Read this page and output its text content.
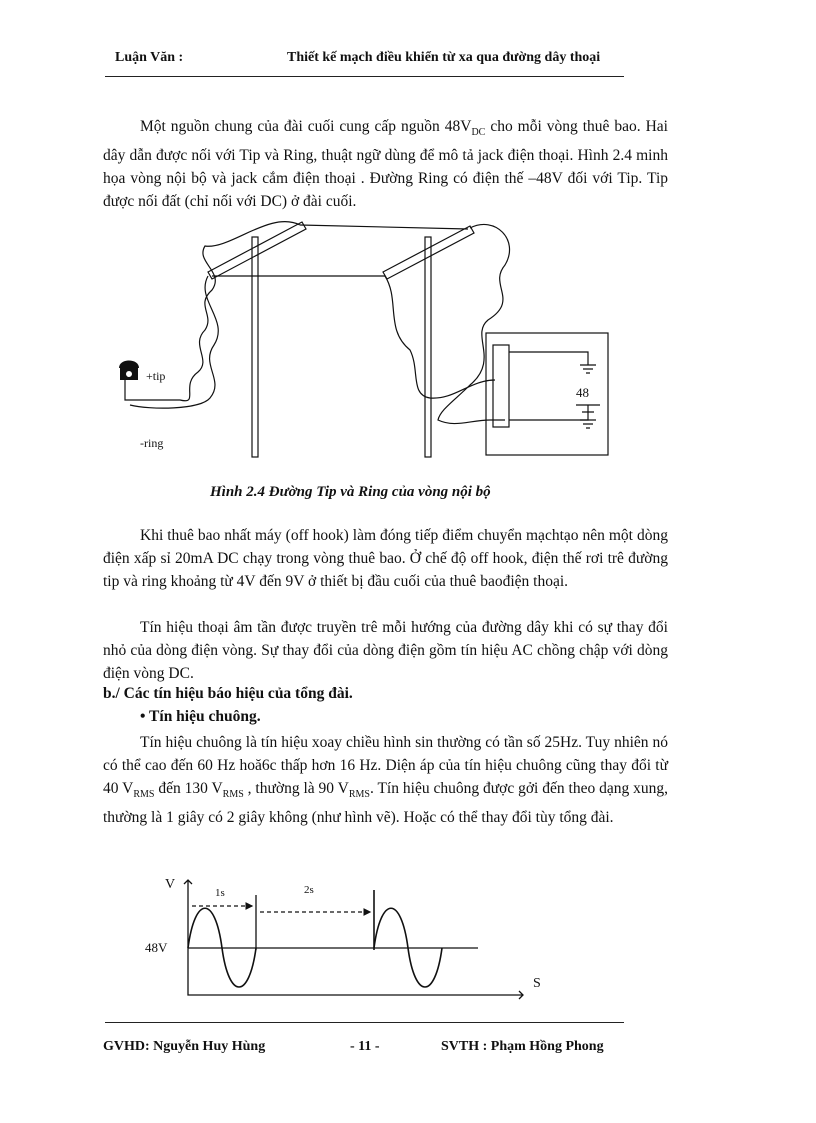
Luận Văn :	Thiết kế mạch điều khiển từ xa qua đường dây thoại

Một nguồn chung của đài cuối cung cấp nguồn $48V_{DC}$ cho mỗi vòng thuê bao. Hai dây dẫn được nối với Tip và Ring, thuật ngữ dùng để mô tả jack điện thoại. Hình 2.4 minh họa vòng nội bộ và jack cắm điện thoại . Đường Ring có điện thế –48V đối với Tip. Tip được nối đất (chỉ nối với DC) ở đài cuối.

+tip
-ring
48
Hình 2.4 Đường Tip và Ring của vòng nội bộ

Khi thuê bao nhất máy (off hook) làm đóng tiếp điểm chuyển mạchtạo nên một dòng điện xấp sỉ 20mA DC chạy trong vòng thuê bao. Ở chế độ off hook, điện thế rơi trê đường tip và ring khoảng từ 4V đến 9V ở thiết bị đầu cuối của thuê baođiện thoại.

Tín hiệu thoại âm tần được truyền trê mỗi hướng của đường dây khi có sự thay đổi nhỏ của dòng điện vòng. Sự thay đổi của dòng điện gồm tín hiệu AC chồng chập với dòng điện vòng DC.

b./ Các tín hiệu báo hiệu của tổng đài.
• Tín hiệu chuông.

Tín hiệu chuông là tín hiệu xoay chiều hình sin thường có tần số 25Hz. Tuy nhiên nó có thể cao đến 60 Hz hoă6c thấp hơn 16 Hz. Diện áp của tín hiệu chuông cũng thay đổi từ 40 $V_{RMS}$ đến 130 $V_{RMS}$ , thường là 90 $V_{RMS}$. Tín hiệu chuông được gởi đến theo dạng xung, thường là 1 giây có 2 giây không (như hình vẽ). Hoặc có thể thay đổi tùy tổng đài.

V
S
48V
1s	2s
GVHD: Nguyễn Huy Hùng	- 11 -	SVTH : Phạm Hồng Phong
